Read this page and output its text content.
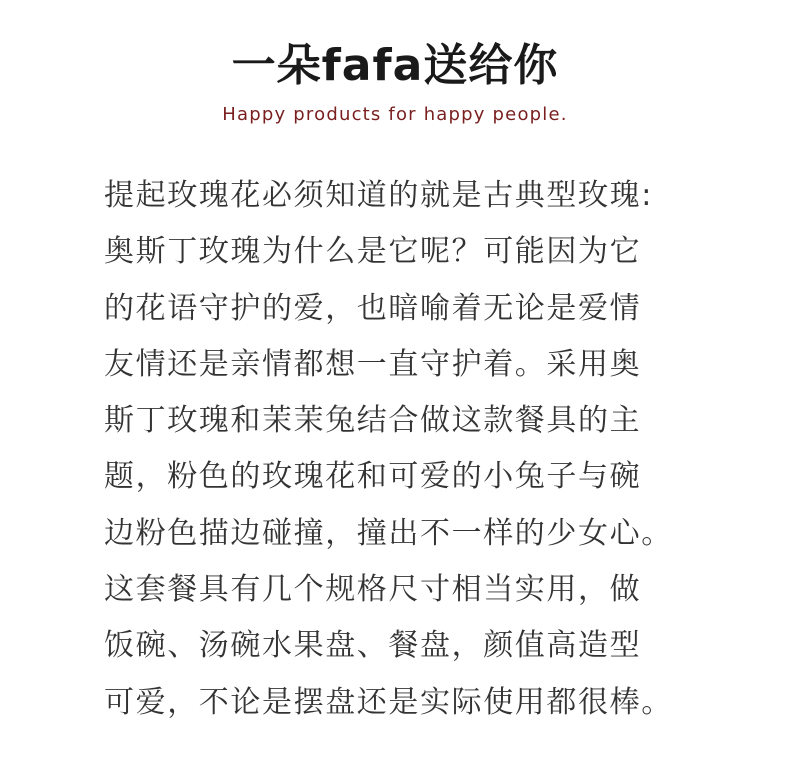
一朵fafa送给你
Happy products for happy people.
提起玫瑰花必须知道的就是古典型玫瑰:
奥斯丁玫瑰为什么是它呢？可能因为它
的花语守护的爱，也暗喻着无论是爱情
友情还是亲情都想一直守护着。采用奥
斯丁玫瑰和茉茉兔结合做这款餐具的主
题，粉色的玫瑰花和可爱的小兔子与碗
边粉色描边碰撞，撞出不一样的少女心。
这套餐具有几个规格尺寸相当实用，做
饭碗、汤碗水果盘、餐盘，颜值高造型
可爱，不论是摆盘还是实际使用都很棒。
